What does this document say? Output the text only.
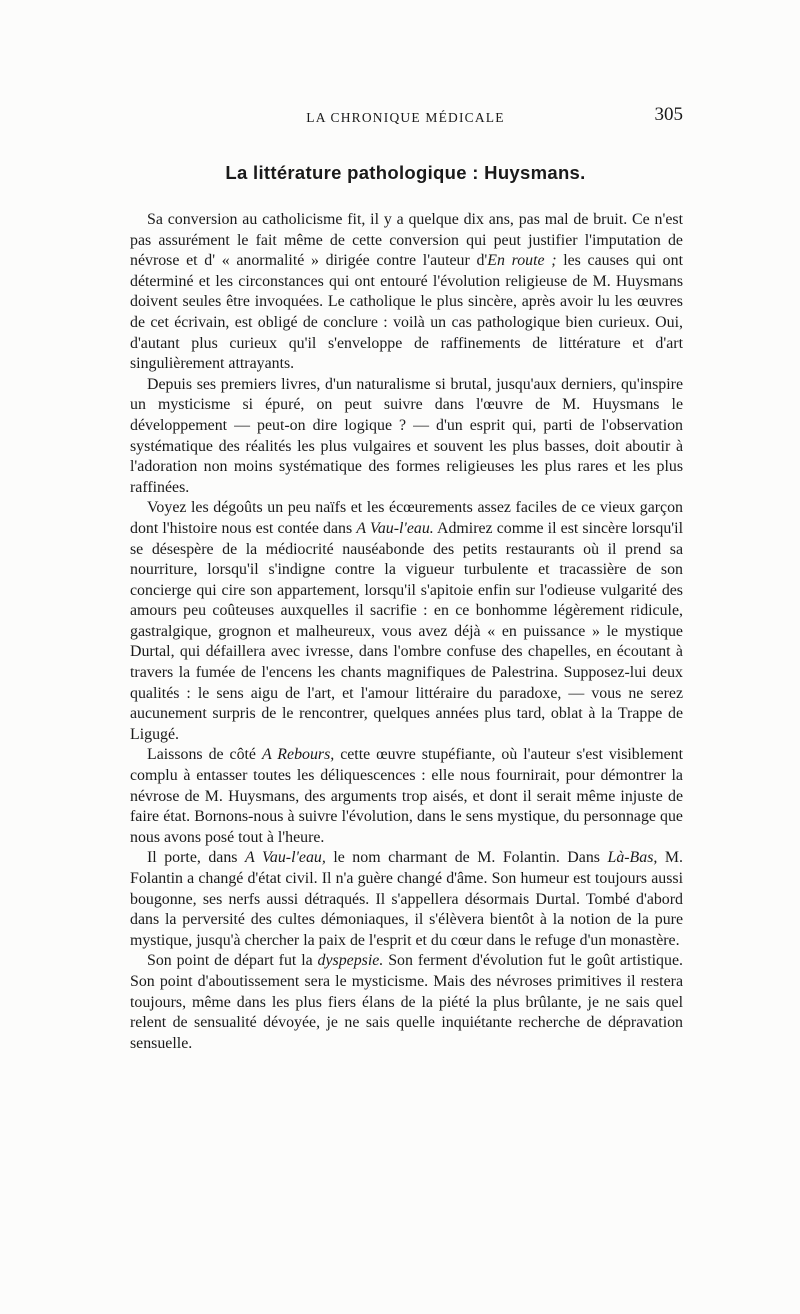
LA CHRONIQUE MÉDICALE	305
La littérature pathologique : Huysmans.

Sa conversion au catholicisme fit, il y a quelque dix ans, pas mal de bruit. Ce n'est pas assurément le fait même de cette conversion qui peut justifier l'imputation de névrose et d' « anormalité » dirigée contre l'auteur d'En route ; les causes qui ont déterminé et les circonstances qui ont entouré l'évolution religieuse de M. Huysmans doivent seules être invoquées. Le catholique le plus sincère, après avoir lu les œuvres de cet écrivain, est obligé de conclure : voilà un cas pathologique bien curieux. Oui, d'autant plus curieux qu'il s'enveloppe de raffinements de littérature et d'art singulièrement attrayants.

Depuis ses premiers livres, d'un naturalisme si brutal, jusqu'aux derniers, qu'inspire un mysticisme si épuré, on peut suivre dans l'œuvre de M. Huysmans le développement — peut-on dire logique ? — d'un esprit qui, parti de l'observation systématique des réalités les plus vulgaires et souvent les plus basses, doit aboutir à l'adoration non moins systématique des formes religieuses les plus rares et les plus raffinées.

Voyez les dégoûts un peu naïfs et les écœurements assez faciles de ce vieux garçon dont l'histoire nous est contée dans A Vau-l'eau. Admirez comme il est sincère lorsqu'il se désespère de la médiocrité nauséabonde des petits restaurants où il prend sa nourriture, lorsqu'il s'indigne contre la vigueur turbulente et tracassière de son concierge qui cire son appartement, lorsqu'il s'apitoie enfin sur l'odieuse vulgarité des amours peu coûteuses auxquelles il sacrifie : en ce bonhomme légèrement ridicule, gastralgique, grognon et malheureux, vous avez déjà « en puissance » le mystique Durtal, qui défaillera avec ivresse, dans l'ombre confuse des chapelles, en écoutant à travers la fumée de l'encens les chants magnifiques de Palestrina. Supposez-lui deux qualités : le sens aigu de l'art, et l'amour littéraire du paradoxe, — vous ne serez aucunement surpris de le rencontrer, quelques années plus tard, oblat à la Trappe de Ligugé.

Laissons de côté A Rebours, cette œuvre stupéfiante, où l'auteur s'est visiblement complu à entasser toutes les déliquescences : elle nous fournirait, pour démontrer la névrose de M. Huysmans, des arguments trop aisés, et dont il serait même injuste de faire état. Bornons-nous à suivre l'évolution, dans le sens mystique, du personnage que nous avons posé tout à l'heure.

Il porte, dans A Vau-l'eau, le nom charmant de M. Folantin. Dans Là-Bas, M. Folantin a changé d'état civil. Il n'a guère changé d'âme. Son humeur est toujours aussi bougonne, ses nerfs aussi détraqués. Il s'appellera désormais Durtal. Tombé d'abord dans la perversité des cultes démoniaques, il s'élèvera bientôt à la notion de la pure mystique, jusqu'à chercher la paix de l'esprit et du cœur dans le refuge d'un monastère.

Son point de départ fut la dyspepsie. Son ferment d'évolution fut le goût artistique. Son point d'aboutissement sera le mysticisme. Mais des névroses primitives il restera toujours, même dans les plus fiers élans de la piété la plus brûlante, je ne sais quel relent de sensualité dévoyée, je ne sais quelle inquiétante recherche de dépravation sensuelle.
